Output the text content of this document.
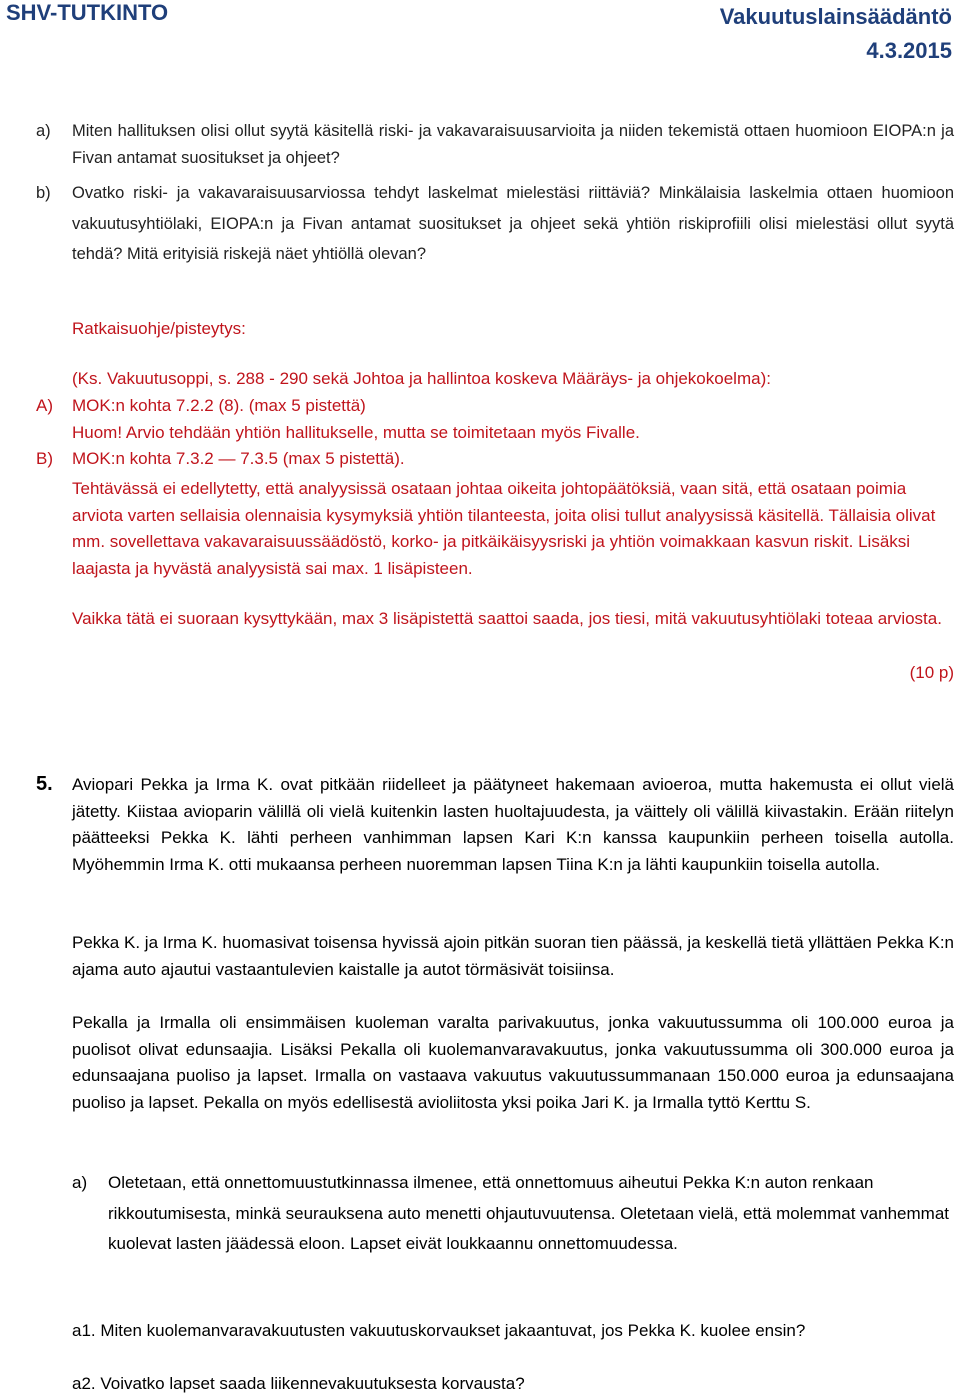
SHV-TUTKINTO	Vakuutuslainsäädäntö
4.3.2015
a) Miten hallituksen olisi ollut syytä käsitellä riski- ja vakavaraisuusarvioita ja niiden tekemistä ottaen huomioon EIOPA:n ja Fivan antamat suositukset ja ohjeet?
b) Ovatko riski- ja vakavaraisuusarviossa tehdyt laskelmat mielestäsi riittäviä? Minkälaisia laskelmia ottaen huomioon vakuutusyhtiölaki, EIOPA:n ja Fivan antamat suositukset ja ohjeet sekä yhtiön riskiprofiili olisi mielestäsi ollut syytä tehdä? Mitä erityisiä riskejä näet yhtiöllä olevan?
Ratkaisuohje/pisteytys:
(Ks. Vakuutusoppi, s. 288 - 290 sekä Johtoa ja hallintoa koskeva Määräys- ja ohjekokoelma):
A) MOK:n kohta 7.2.2 (8). (max 5 pistettä)
Huom! Arvio tehdään yhtiön hallitukselle, mutta se toimitetaan myös Fivalle.
B) MOK:n kohta 7.3.2 — 7.3.5 (max 5 pistettä).
Tehtävässä ei edellytetty, että analyysissä osataan johtaa oikeita johtopäätöksiä, vaan sitä, että osataan poimia arviota varten sellaisia olennaisia kysymyksiä yhtiön tilanteesta, joita olisi tullut analyysissä käsitellä. Tällaisia olivat mm. sovellettava vakavaraisuussäädöstö, korko- ja pitkäikäisyysriski ja yhtiön voimakkaan kasvun riskit. Lisäksi laajasta ja hyvästä analyysistä sai max. 1 lisäpisteen.
Vaikka tätä ei suoraan kysyttykään, max 3 lisäpistettä saattoi saada, jos tiesi, mitä vakuutusyhtiölaki toteaa arviosta.
(10 p)
5. Aviopari Pekka ja Irma K. ovat pitkään riidelleet ja päätyneet hakemaan avioeroa, mutta hakemusta ei ollut vielä jätetty. Kiistaa avioparin välillä oli vielä kuitenkin lasten huoltajuudesta, ja väittely oli välillä kiivastakin. Erään riitelyn päätteeksi Pekka K. lähti perheen vanhimman lapsen Kari K:n kanssa kaupunkiin perheen toisella autolla. Myöhemmin Irma K. otti mukaansa perheen nuoremman lapsen Tiina K:n ja lähti kaupunkiin toisella autolla.
Pekka K. ja Irma K. huomasivat toisensa hyvissä ajoin pitkän suoran tien päässä, ja keskellä tietä yllättäen Pekka K:n ajama auto ajautui vastaantulevien kaistalle ja autot törmäsivät toisiinsa.
Pekalla ja Irmalla oli ensimmäisen kuoleman varalta parivakuutus, jonka vakuutussumma oli 100.000 euroa ja puolisot olivat edunsaajia. Lisäksi Pekalla oli kuolemanvaravakuutus, jonka vakuutussumma oli 300.000 euroa ja edunsaajana puoliso ja lapset. Irmalla on vastaava vakuutus vakuutussummanaan 150.000 euroa ja edunsaajana puoliso ja lapset. Pekalla on myös edellisestä avioliitosta yksi poika Jari K. ja Irmalla tyttö Kerttu S.
a) Oletetaan, että onnettomuustutkinnassa ilmenee, että onnettomuus aiheutui Pekka K:n auton renkaan rikkoutumisesta, minkä seurauksena auto menetti ohjautuvuutensa. Oletetaan vielä, että molemmat vanhemmat kuolevat lasten jäädessä eloon. Lapset eivät loukkaannu onnettomuudessa.
a1. Miten kuolemanvaravakuutusten vakuutuskorvaukset jakaantuvat, jos Pekka K. kuolee ensin?
a2. Voivatko lapset saada liikennevakuutuksesta korvausta?
